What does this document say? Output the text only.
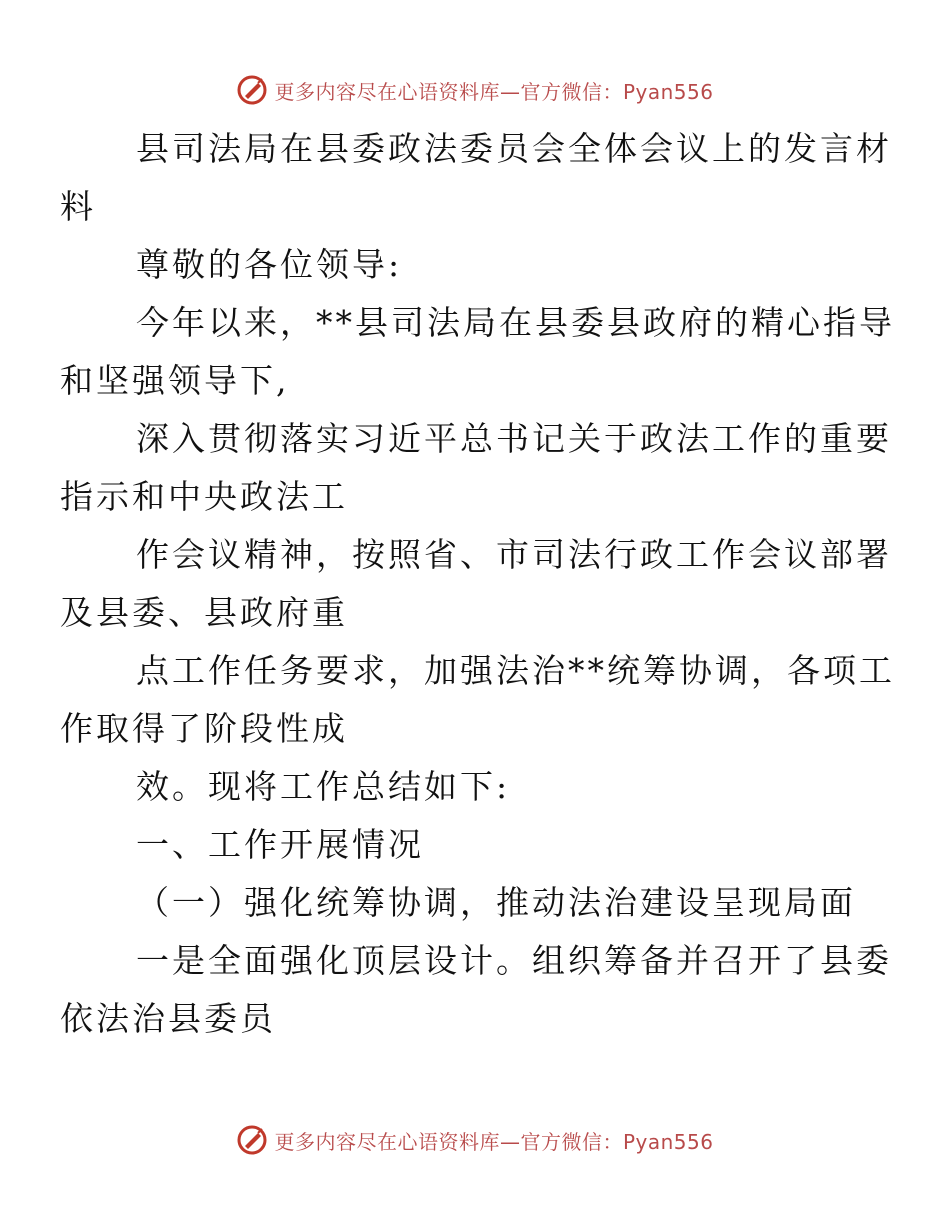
更多内容尽在心语资料库—官方微信：Pyan556

县司法局在县委政法委员会全体会议上的发言材
料

尊敬的各位领导:

今年以来，**县司法局在县委县政府的精心指导
和坚强领导下,

深入贯彻落实习近平总书记关于政法工作的重要
指示和中央政法工

作会议精神，按照省、市司法行政工作会议部署
及县委、县政府重

点工作任务要求，加强法治**统筹协调，各项工
作取得了阶段性成

效。现将工作总结如下:

一、工作开展情况

（一）强化统筹协调，推动法治建设呈现局面

一是全面强化顶层设计。组织筹备并召开了县委
依法治县委员

更多内容尽在心语资料库—官方微信：Pyan556
